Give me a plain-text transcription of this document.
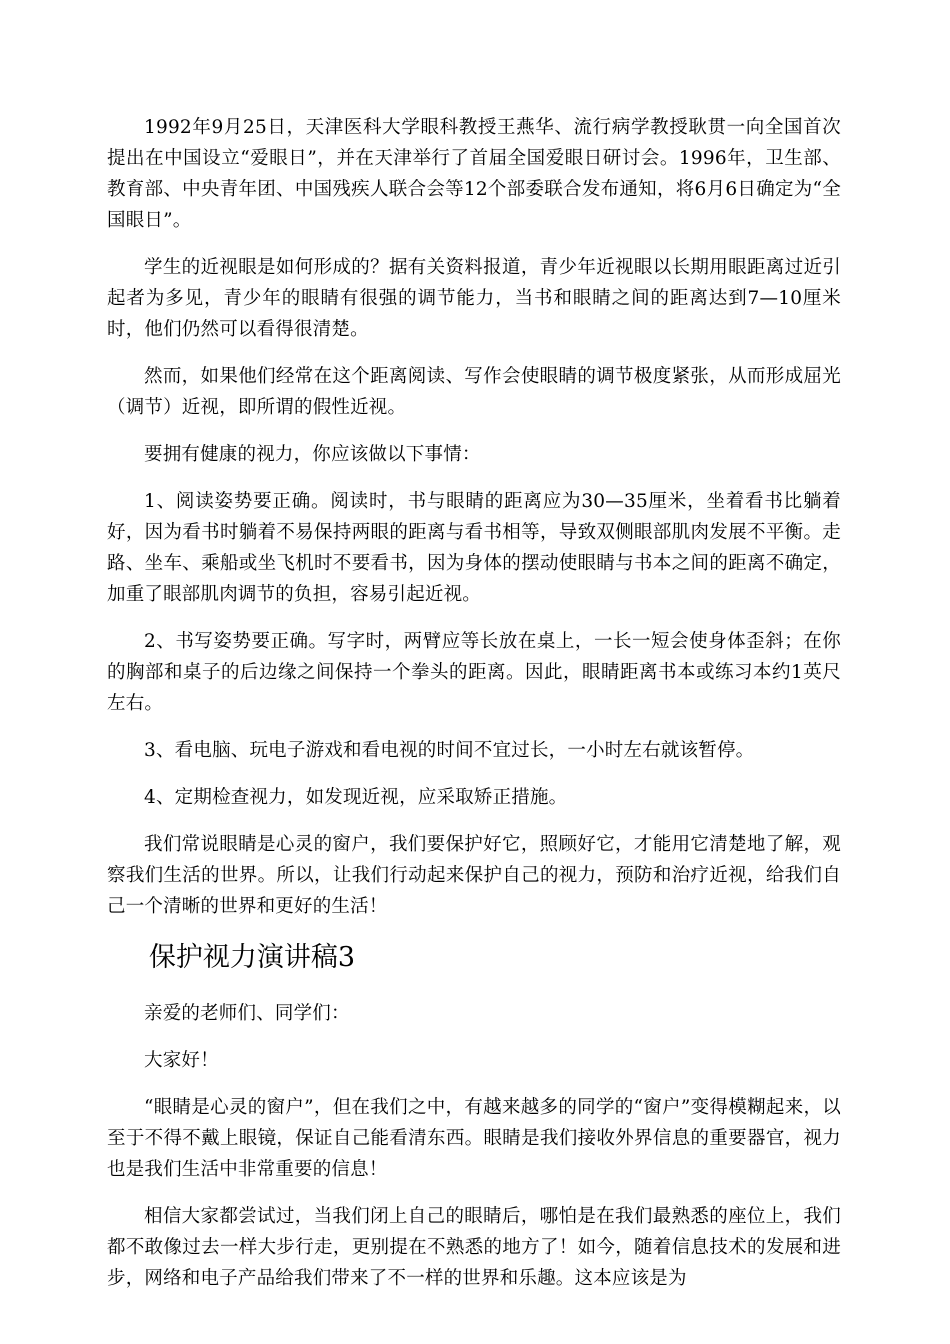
1992年9月25日，天津医科大学眼科教授王燕华、流行病学教授耿贯一向全国首次提出在中国设立“爱眼日”，并在天津举行了首届全国爱眼日研讨会。1996年，卫生部、教育部、中央青年团、中国残疾人联合会等12个部委联合发布通知，将6月6日确定为“全国眼日”。

学生的近视眼是如何形成的？据有关资料报道，青少年近视眼以长期用眼距离过近引起者为多见，青少年的眼睛有很强的调节能力，当书和眼睛之间的距离达到7—10厘米时，他们仍然可以看得很清楚。

然而，如果他们经常在这个距离阅读、写作会使眼睛的调节极度紧张，从而形成屈光（调节）近视，即所谓的假性近视。

要拥有健康的视力，你应该做以下事情：

1、阅读姿势要正确。阅读时，书与眼睛的距离应为30—35厘米，坐着看书比躺着好，因为看书时躺着不易保持两眼的距离与看书相等，导致双侧眼部肌肉发展不平衡。走路、坐车、乘船或坐飞机时不要看书，因为身体的摆动使眼睛与书本之间的距离不确定，加重了眼部肌肉调节的负担，容易引起近视。

2、书写姿势要正确。写字时，两臂应等长放在桌上，一长一短会使身体歪斜；在你的胸部和桌子的后边缘之间保持一个拳头的距离。因此，眼睛距离书本或练习本约1英尺左右。

3、看电脑、玩电子游戏和看电视的时间不宜过长，一小时左右就该暂停。

4、定期检查视力，如发现近视，应采取矫正措施。

我们常说眼睛是心灵的窗户，我们要保护好它，照顾好它，才能用它清楚地了解，观察我们生活的世界。所以，让我们行动起来保护自己的视力，预防和治疗近视，给我们自己一个清晰的世界和更好的生活！

保护视力演讲稿3

亲爱的老师们、同学们：

大家好！

“眼睛是心灵的窗户”，但在我们之中，有越来越多的同学的“窗户”变得模糊起来，以至于不得不戴上眼镜，保证自己能看清东西。眼睛是我们接收外界信息的重要器官，视力也是我们生活中非常重要的信息！

相信大家都尝试过，当我们闭上自己的眼睛后，哪怕是在我们最熟悉的座位上，我们都不敢像过去一样大步行走，更别提在不熟悉的地方了！如今，随着信息技术的发展和进步，网络和电子产品给我们带来了不一样的世界和乐趣。这本应该是为
